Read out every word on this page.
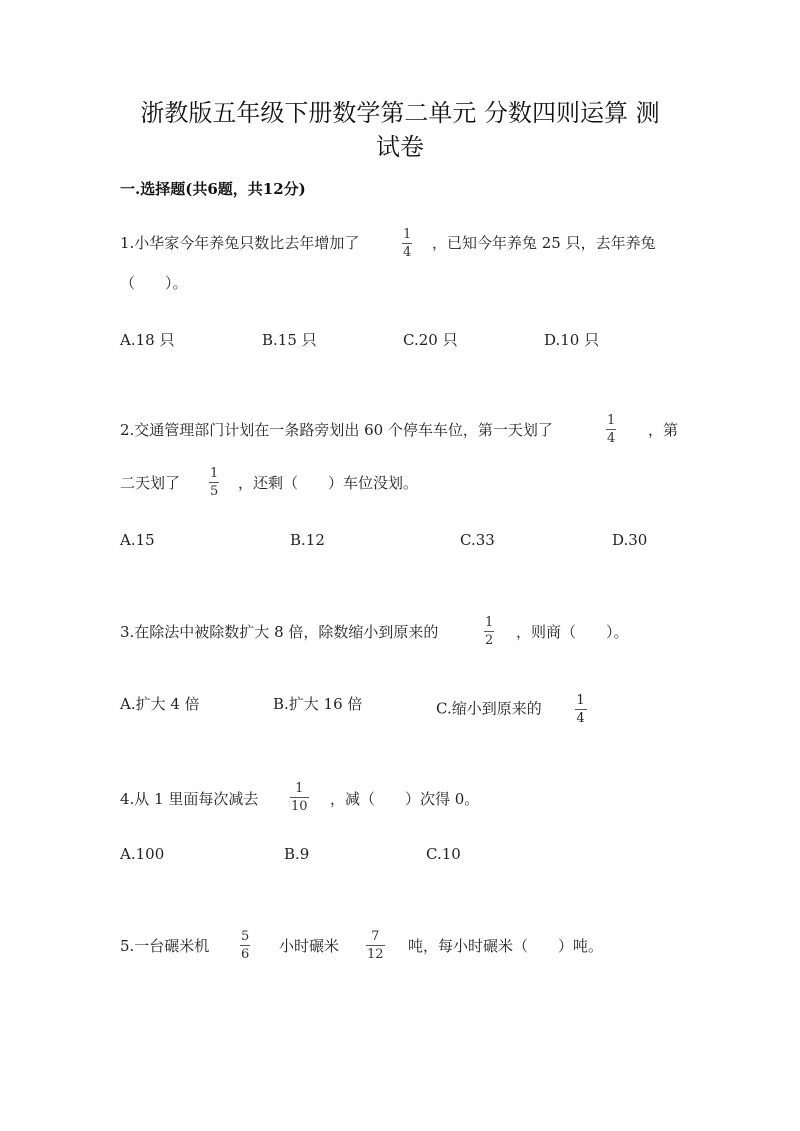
浙教版五年级下册数学第二单元 分数四则运算 测
试卷
一.选择题(共6题，共12分)
1.小华家今年养兔只数比去年增加了	1
4
，已知今年养兔 25 只，去年养兔
（　　）。
A.18 只	B.15 只	C.20 只	D.10 只
2.交通管理部门计划在一条路旁划出 60 个停车车位，第一天划了
1
4 ，第
二天划了
1
5 ，还剩（　　）车位没划。
A.15	B.12	C.33	D.30
3.在除法中被除数扩大 8 倍，除数缩小到原来的
1
2 ，则商（　　）。
A.扩大 4 倍	B.扩大 16 倍	C.缩小到原来的	$\frac{1}{4}$
4.从 1 里面每次减去
1
10 ，减（　　）次得 0。
A.100	B.9	C.10
5.一台碾米机
5
6 小时碾米
7
12 吨，每小时碾米（　　）吨。
